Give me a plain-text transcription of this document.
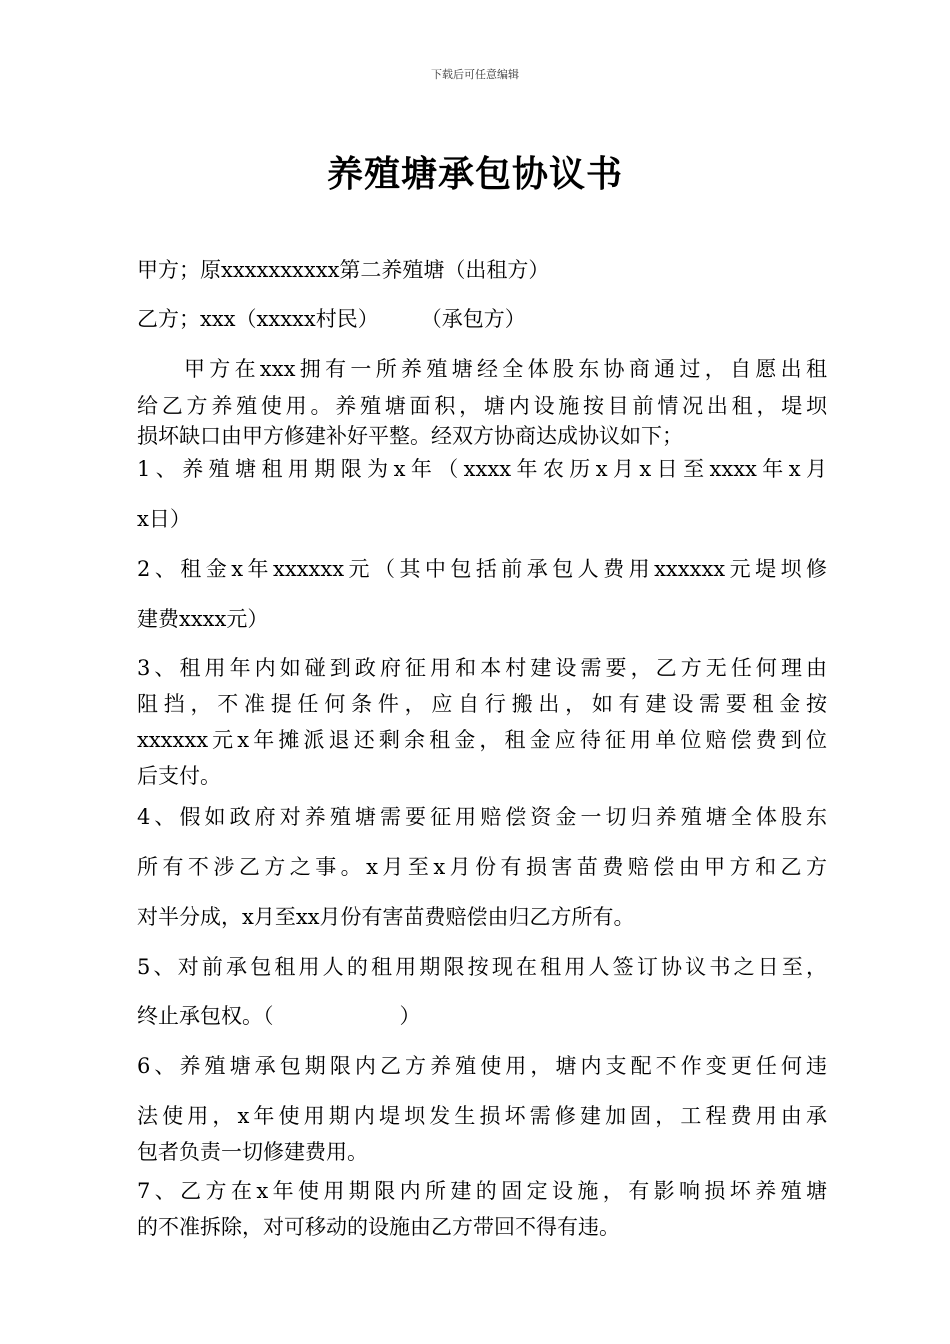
下载后可任意编辑
养殖塘承包协议书
甲方；原xxxxxxxxxx第二养殖塘（出租方）
乙方；xxx（xxxxx村民）　　　（承包方）
甲方在xxx拥有一所养殖塘经全体股东协商通过，自愿出租
给乙方养殖使用。养殖塘面积，塘内设施按目前情况出租，堤坝
损坏缺口由甲方修建补好平整。经双方协商达成协议如下；
1、养殖塘租用期限为x年（xxxx年农历x月x日至xxxx年x月
x日）
2、租金x年xxxxxx元（其中包括前承包人费用xxxxxx元堤坝修
建费xxxx元）
3、租用年内如碰到政府征用和本村建设需要，乙方无任何理由
阻挡，不准提任何条件，应自行搬出，如有建设需要租金按
xxxxxx元x年摊派退还剩余租金，租金应待征用单位赔偿费到位
后支付。
4、假如政府对养殖塘需要征用赔偿资金一切归养殖塘全体股东
所有不涉乙方之事。x月至x月份有损害苗费赔偿由甲方和乙方
对半分成，x月至xx月份有害苗费赔偿由归乙方所有。
5、对前承包租用人的租用期限按现在租用人签订协议书之日至，
终止承包权。（　　　　　　）
6、养殖塘承包期限内乙方养殖使用，塘内支配不作变更任何违
法使用，x年使用期内堤坝发生损坏需修建加固，工程费用由承
包者负责一切修建费用。
7、乙方在x年使用期限内所建的固定设施，有影响损坏养殖塘
的不准拆除，对可移动的设施由乙方带回不得有违。
